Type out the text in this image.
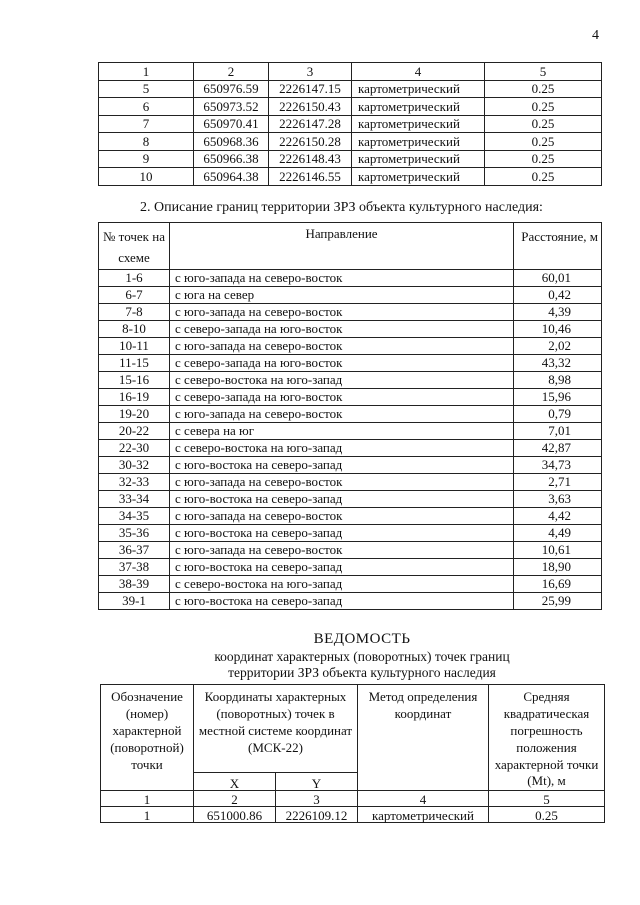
4
1	2	3	4	5
5	650976.59	2226147.15	картометрический	0.25
6	650973.52	2226150.43	картометрический	0.25
7	650970.41	2226147.28	картометрический	0.25
8	650968.36	2226150.28	картометрический	0.25
9	650966.38	2226148.43	картометрический	0.25
10	650964.38	2226146.55	картометрический	0.25
2. Описание границ территории ЗРЗ объекта культурного наследия:
№ точек на схеме	Направление	Расстояние, м
1-6	с юго-запада на северо-восток	60,01
6-7	с юга на север	0,42
7-8	с юго-запада на северо-восток	4,39
8-10	с северо-запада на юго-восток	10,46
10-11	с юго-запада на северо-восток	2,02
11-15	с северо-запада на юго-восток	43,32
15-16	с северо-востока на юго-запад	8,98
16-19	с северо-запада на юго-восток	15,96
19-20	с юго-запада на северо-восток	0,79
20-22	с севера на юг	7,01
22-30	с северо-востока на юго-запад	42,87
30-32	с юго-востока на северо-запад	34,73
32-33	с юго-запада на северо-восток	2,71
33-34	с юго-востока на северо-запад	3,63
34-35	с юго-запада на северо-восток	4,42
35-36	с юго-востока на северо-запад	4,49
36-37	с юго-запада на северо-восток	10,61
37-38	с юго-востока на северо-запад	18,90
38-39	с северо-востока на юго-запад	16,69
39-1	с юго-востока на северо-запад	25,99
ВЕДОМОСТЬ
координат характерных (поворотных) точек границ
территории ЗРЗ объекта культурного наследия
Обозначение (номер) характерной (поворотной) точки	Координаты характерных (поворотных) точек в местной системе координат (МСК-22)		Метод определения координат	Средняя квадратическая погрешность положения характерной точки (Mt), м
	X	Y		
1	2	3	4	5
1	651000.86	2226109.12	картометрический	0.25
